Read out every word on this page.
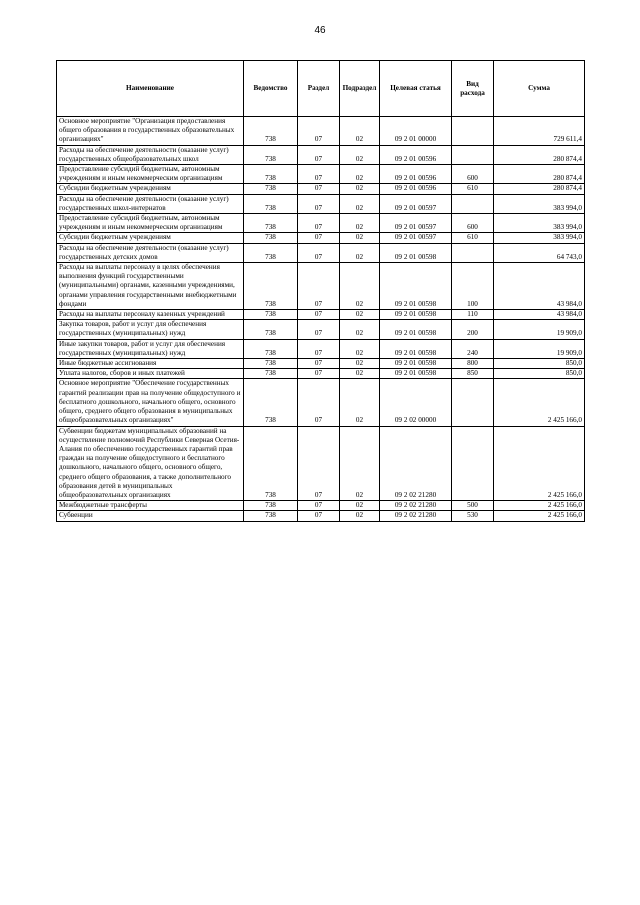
46
Наименование	Ведомство	Раздел	Подраздел	Целевая статья	Вид расхода	Сумма
Основное мероприятие "Организация предоставления общего образования в государственных образовательных организациях"	738	07	02	09 2 01 00000		729 611,4
Расходы на обеспечение деятельности (оказание услуг) государственных общеобразовательных школ	738	07	02	09 2 01 00596		280 874,4
Предоставление субсидий бюджетным, автономным учреждениям и иным некоммерческим организациям	738	07	02	09 2 01 00596	600	280 874,4
Субсидии бюджетным учреждениям	738	07	02	09 2 01 00596	610	280 874,4
Расходы на обеспечение деятельности (оказание услуг) государственных школ-интернатов	738	07	02	09 2 01 00597		383 994,0
Предоставление субсидий бюджетным, автономным учреждениям и иным некоммерческим организациям	738	07	02	09 2 01 00597	600	383 994,0
Субсидии бюджетным учреждениям	738	07	02	09 2 01 00597	610	383 994,0
Расходы на обеспечение деятельности (оказание услуг) государственных детских домов	738	07	02	09 2 01 00598		64 743,0
Расходы на выплаты персоналу в целях обеспечения выполнения функций государственными (муниципальными) органами, казенными учреждениями, органами управления государственными внебюджетными фондами	738	07	02	09 2 01 00598	100	43 984,0
Расходы на выплаты персоналу казенных учреждений	738	07	02	09 2 01 00598	110	43 984,0
Закупка товаров, работ и услуг для обеспечения государственных (муниципальных) нужд	738	07	02	09 2 01 00598	200	19 909,0
Иные закупки товаров, работ и услуг для обеспечения государственных (муниципальных) нужд	738	07	02	09 2 01 00598	240	19 909,0
Иные бюджетные ассигнования	738	07	02	09 2 01 00598	800	850,0
Уплата налогов, сборов и иных платежей	738	07	02	09 2 01 00598	850	850,0
Основное мероприятие "Обеспечение государственных гарантий реализации прав на получение общедоступного и бесплатного дошкольного, начального общего, основного общего, среднего общего образования в муниципальных общеобразовательных организациях"	738	07	02	09 2 02 00000		2 425 166,0
Субвенции бюджетам муниципальных образований на осуществление полномочий Республики Северная Осетия-Алания по обеспечению государственных гарантий прав граждан на получение общедоступного и бесплатного дошкольного, начального общего, основного общего, среднего общего образования, а также дополнительного образования детей в муниципальных общеобразовательных организациях	738	07	02	09 2 02 21280		2 425 166,0
Межбюджетные трансферты	738	07	02	09 2 02 21280	500	2 425 166,0
Субвенции	738	07	02	09 2 02 21280	530	2 425 166,0
